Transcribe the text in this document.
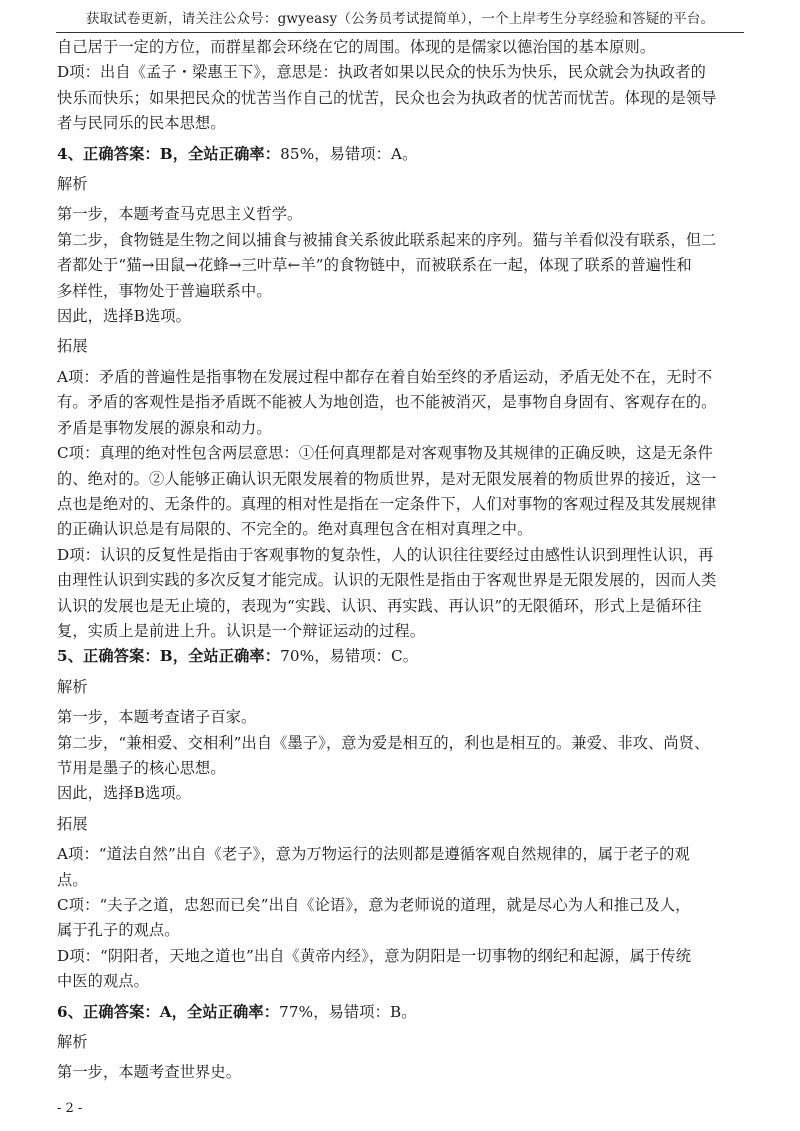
获取试卷更新，请关注公众号：gwyeasy（公务员考试提简单），一个上岸考生分享经验和答疑的平台。
自己居于一定的方位，而群星都会环绕在它的周围。体现的是儒家以德治国的基本原则。
D项：出自《孟子・梁惠王下》，意思是：执政者如果以民众的快乐为快乐，民众就会为执政者的
快乐而快乐；如果把民众的忧苦当作自己的忧苦，民众也会为执政者的忧苦而忧苦。体现的是领导
者与民同乐的民本思想。
4、正确答案：B，全站正确率：85%，易错项：A。
解析
第一步，本题考查马克思主义哲学。
第二步，食物链是生物之间以捕食与被捕食关系彼此联系起来的序列。猫与羊看似没有联系，但二
者都处于“猫→田鼠→花蜂→三叶草←羊”的食物链中，而被联系在一起，体现了联系的普遍性和
多样性，事物处于普遍联系中。
因此，选择B选项。
拓展
A项：矛盾的普遍性是指事物在发展过程中都存在着自始至终的矛盾运动，矛盾无处不在，无时不
有。矛盾的客观性是指矛盾既不能被人为地创造，也不能被消灭，是事物自身固有、客观存在的。
矛盾是事物发展的源泉和动力。
C项：真理的绝对性包含两层意思：①任何真理都是对客观事物及其规律的正确反映，这是无条件
的、绝对的。②人能够正确认识无限发展着的物质世界，是对无限发展着的物质世界的接近，这一
点也是绝对的、无条件的。真理的相对性是指在一定条件下，人们对事物的客观过程及其发展规律
的正确认识总是有局限的、不完全的。绝对真理包含在相对真理之中。
D项：认识的反复性是指由于客观事物的复杂性，人的认识往往要经过由感性认识到理性认识，再
由理性认识到实践的多次反复才能完成。认识的无限性是指由于客观世界是无限发展的，因而人类
认识的发展也是无止境的，表现为“实践、认识、再实践、再认识”的无限循环，形式上是循环往
复，实质上是前进上升。认识是一个辩证运动的过程。
5、正确答案：B，全站正确率：70%，易错项：C。
解析
第一步，本题考查诸子百家。
第二步，“兼相爱、交相利”出自《墨子》，意为爱是相互的，利也是相互的。兼爱、非攻、尚贤、
节用是墨子的核心思想。
因此，选择B选项。
拓展
A项：“道法自然”出自《老子》，意为万物运行的法则都是遵循客观自然规律的，属于老子的观
点。
C项：“夫子之道，忠恕而已矣”出自《论语》，意为老师说的道理，就是尽心为人和推己及人，
属于孔子的观点。
D项：“阴阳者，天地之道也”出自《黄帝内经》，意为阴阳是一切事物的纲纪和起源，属于传统
中医的观点。
6、正确答案：A，全站正确率：77%，易错项：B。
解析
第一步，本题考查世界史。
- 2 -
